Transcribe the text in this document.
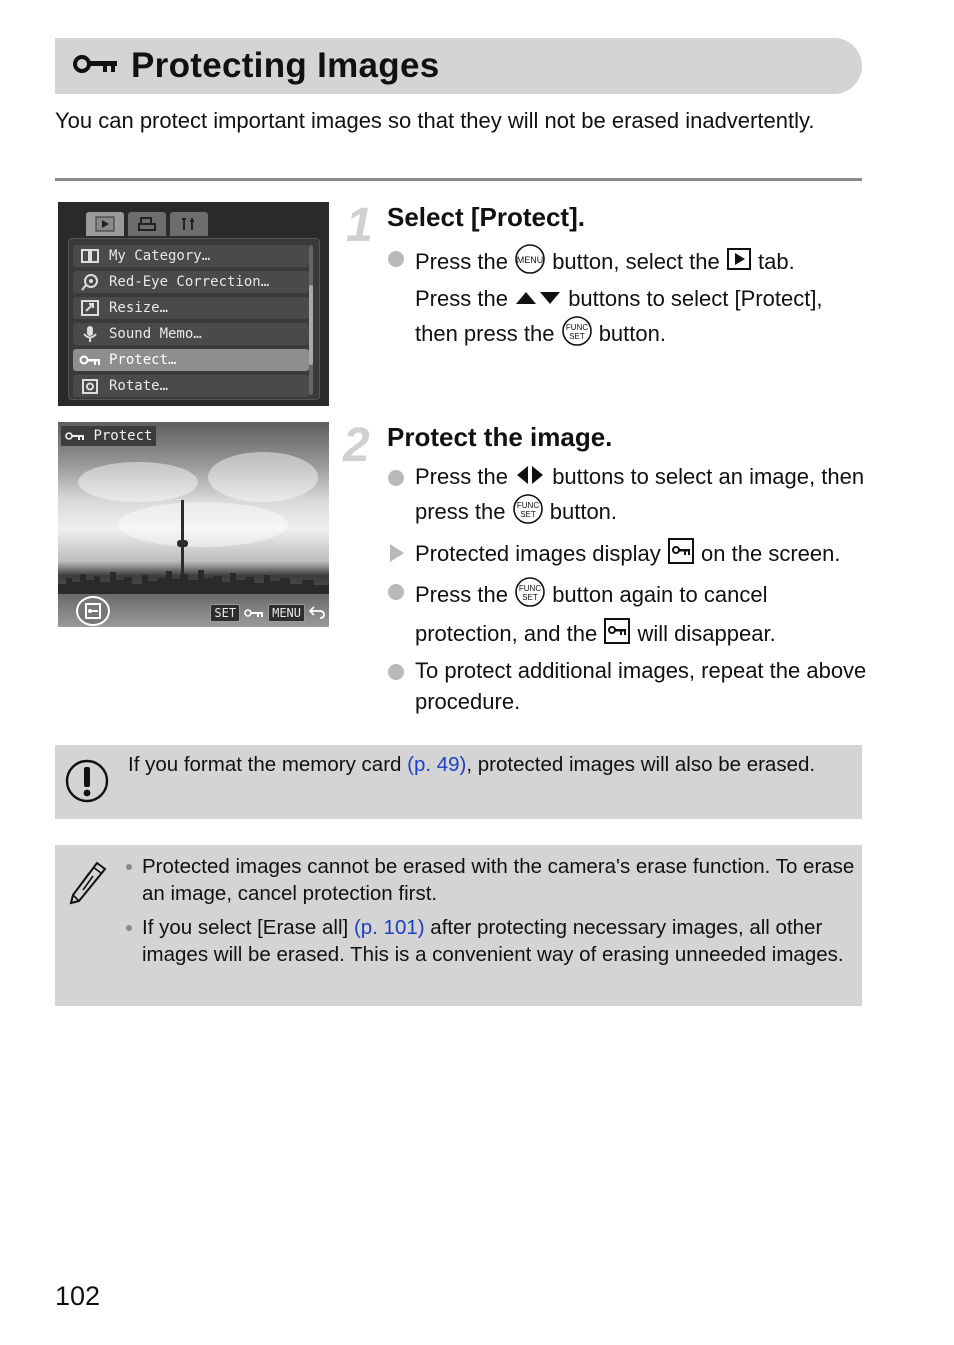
Protecting Images

You can protect important images so that they will not be erased inadvertently.

My Category…
Red-Eye Correction…
Resize…
Sound Memo…
Protect…
Rotate…
Protect
SET	MENU
1 Select [Protect].
Press the MENU button, select the tab.
Press the	buttons to select [Protect], then press the FUNC
SET button.
2 Protect the image.
Press the buttons to select an image, then press the FUNC
SET button.
Protected images display on the screen.
Press the FUNC
SET button again to cancel protection, and the will disappear.
To protect additional images, repeat the above procedure.

If you format the memory card (p. 49), protected images will also be erased.

Protected images cannot be erased with the camera's erase function. To erase an image, cancel protection first.
If you select [Erase all] (p. 101) after protecting necessary images, all other images will be erased. This is a convenient way of erasing unneeded images.
102
